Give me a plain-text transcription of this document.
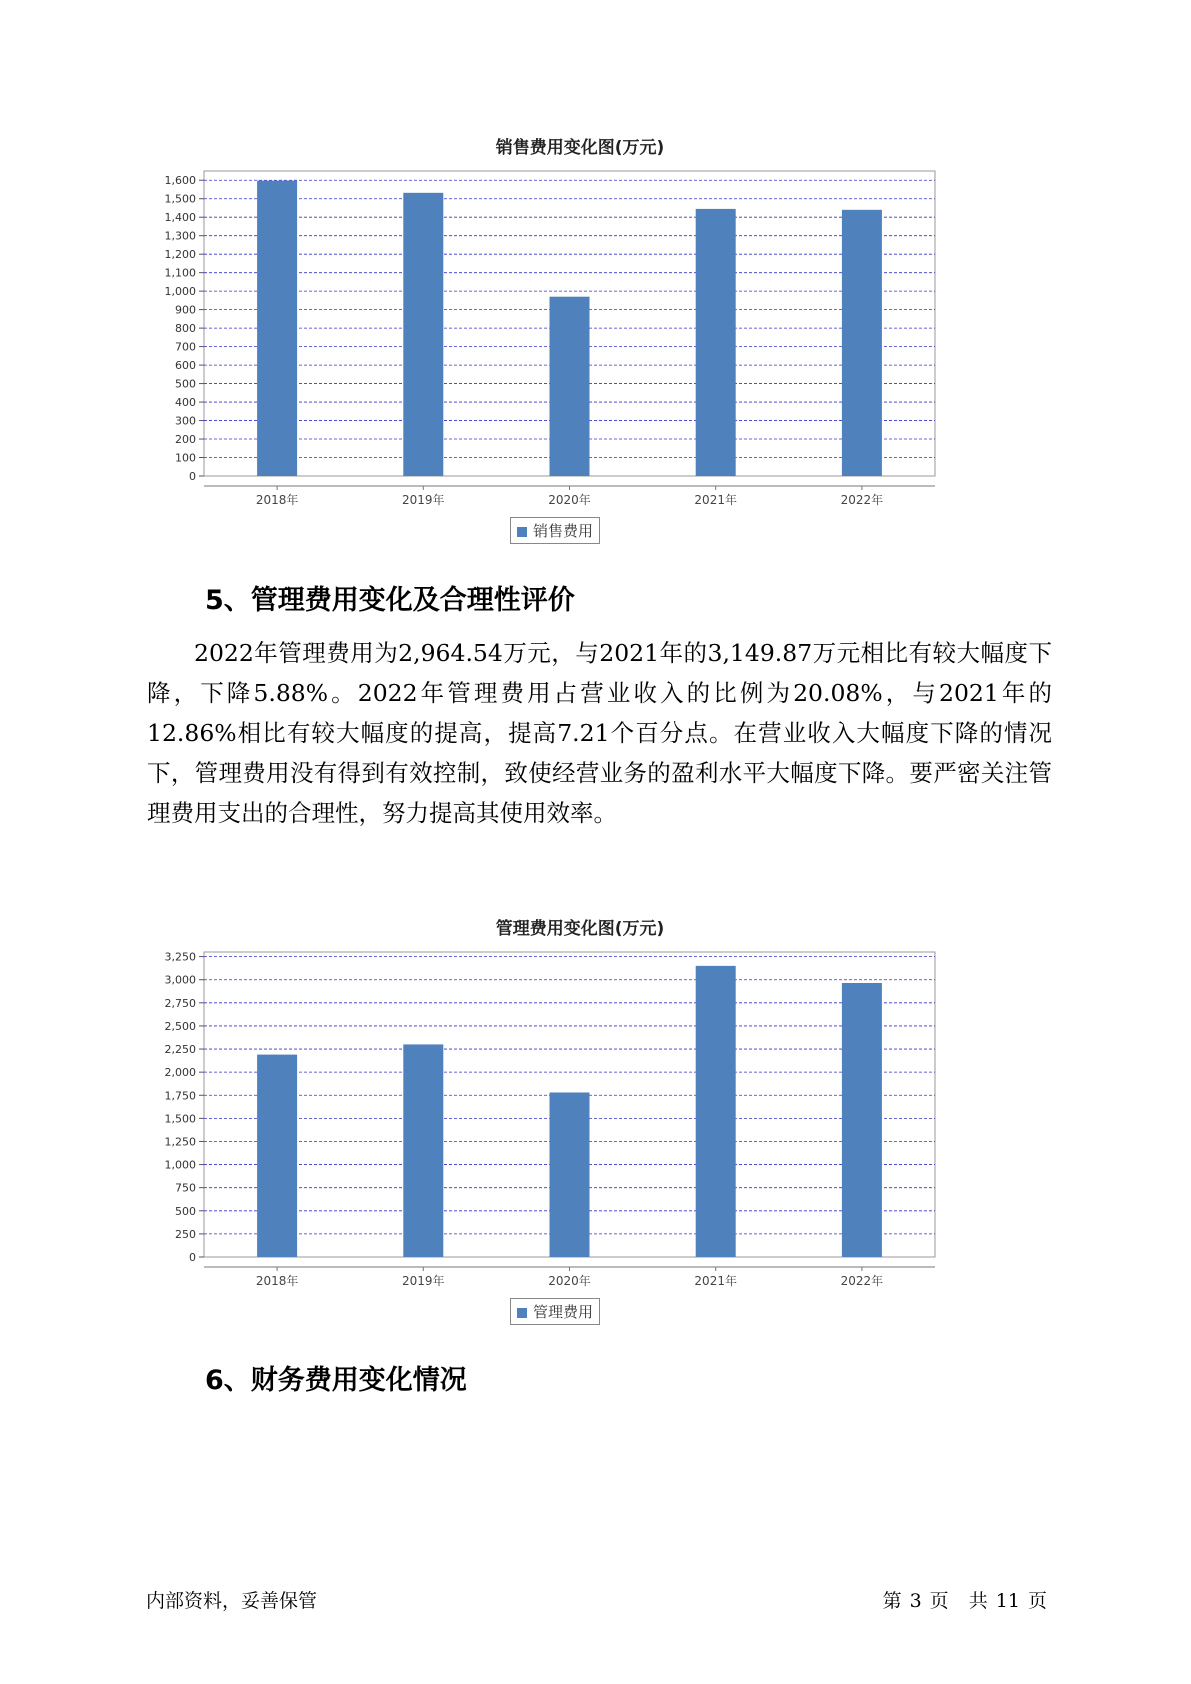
销售费用变化图(万元)
0
100
200
300
400
500
600
700
800
900
1,000
1,100
1,200
1,300
1,400
1,500
1,600
2018年	2019年	2020年	2021年	2022年
销售费用
5、管理费用变化及合理性评价

2022年管理费用为2,964.54万元，与2021年的3,149.87万元相比有较大幅度下降，下降5.88%。2022年管理费用占营业收入的比例为20.08%，与2021年的12.86%相比有较大幅度的提高，提高7.21个百分点。在营业收入大幅度下降的情况下，管理费用没有得到有效控制，致使经营业务的盈利水平大幅度下降。要严密关注管理费用支出的合理性，努力提高其使用效率。

管理费用变化图(万元)
0
250
500
750
1,000
1,250
1,500
1,750
2,000
2,250
2,500
2,750
3,000
3,250
2018年	2019年	2020年	2021年	2022年
管理费用
6、财务费用变化情况
内部资料，妥善保管	第 3 页 共 11 页
